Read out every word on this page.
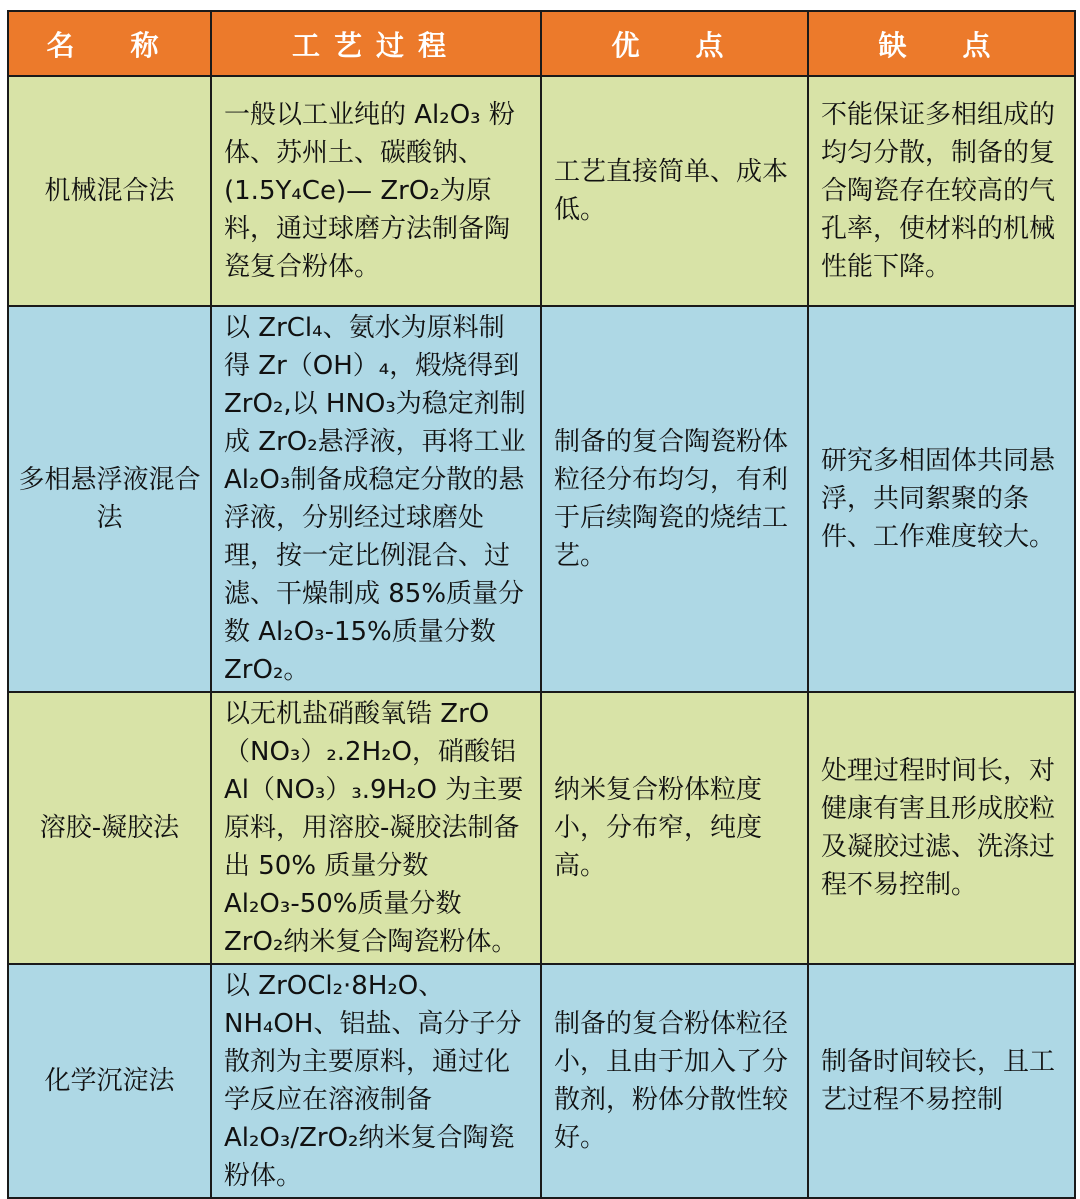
名　称	工艺过程	优　点	缺　点
机械混合法	一般以工业纯的 Al₂O₃ 粉体、苏州土、碳酸钠、(1.5Y₄Ce)— ZrO₂为原料，通过球磨方法制备陶瓷复合粉体。	工艺直接简单、成本低。	不能保证多相组成的均匀分散，制备的复合陶瓷存在较高的气孔率，使材料的机械性能下降。
多相悬浮液混合法	以 ZrCl₄、氨水为原料制得 Zr（OH）₄，煅烧得到ZrO₂,以 HNO₃为稳定剂制成 ZrO₂悬浮液，再将工业 Al₂O₃制备成稳定分散的悬浮液，分别经过球磨处理，按一定比例混合、过滤、干燥制成 85%质量分数 Al₂O₃-15%质量分数 ZrO₂。	制备的复合陶瓷粉体粒径分布均匀，有利于后续陶瓷的烧结工艺。	研究多相固体共同悬浮，共同絮聚的条件、工作难度较大。
溶胶-凝胶法	以无机盐硝酸氧锆 ZrO（NO₃）₂.2H₂O，硝酸铝 Al（NO₃）₃.9H₂O 为主要原料，用溶胶-凝胶法制备出 50% 质量分数 Al₂O₃-50%质量分数 ZrO₂纳米复合陶瓷粉体。	纳米复合粉体粒度小，分布窄，纯度高。	处理过程时间长，对健康有害且形成胶粒及凝胶过滤、洗涤过程不易控制。
化学沉淀法	以 ZrOCl₂·8H₂O、NH₄OH、铝盐、高分子分散剂为主要原料，通过化学反应在溶液制备Al₂O₃/ZrO₂纳米复合陶瓷粉体。	制备的复合粉体粒径小，且由于加入了分散剂，粉体分散性较好。	制备时间较长，且工艺过程不易控制
